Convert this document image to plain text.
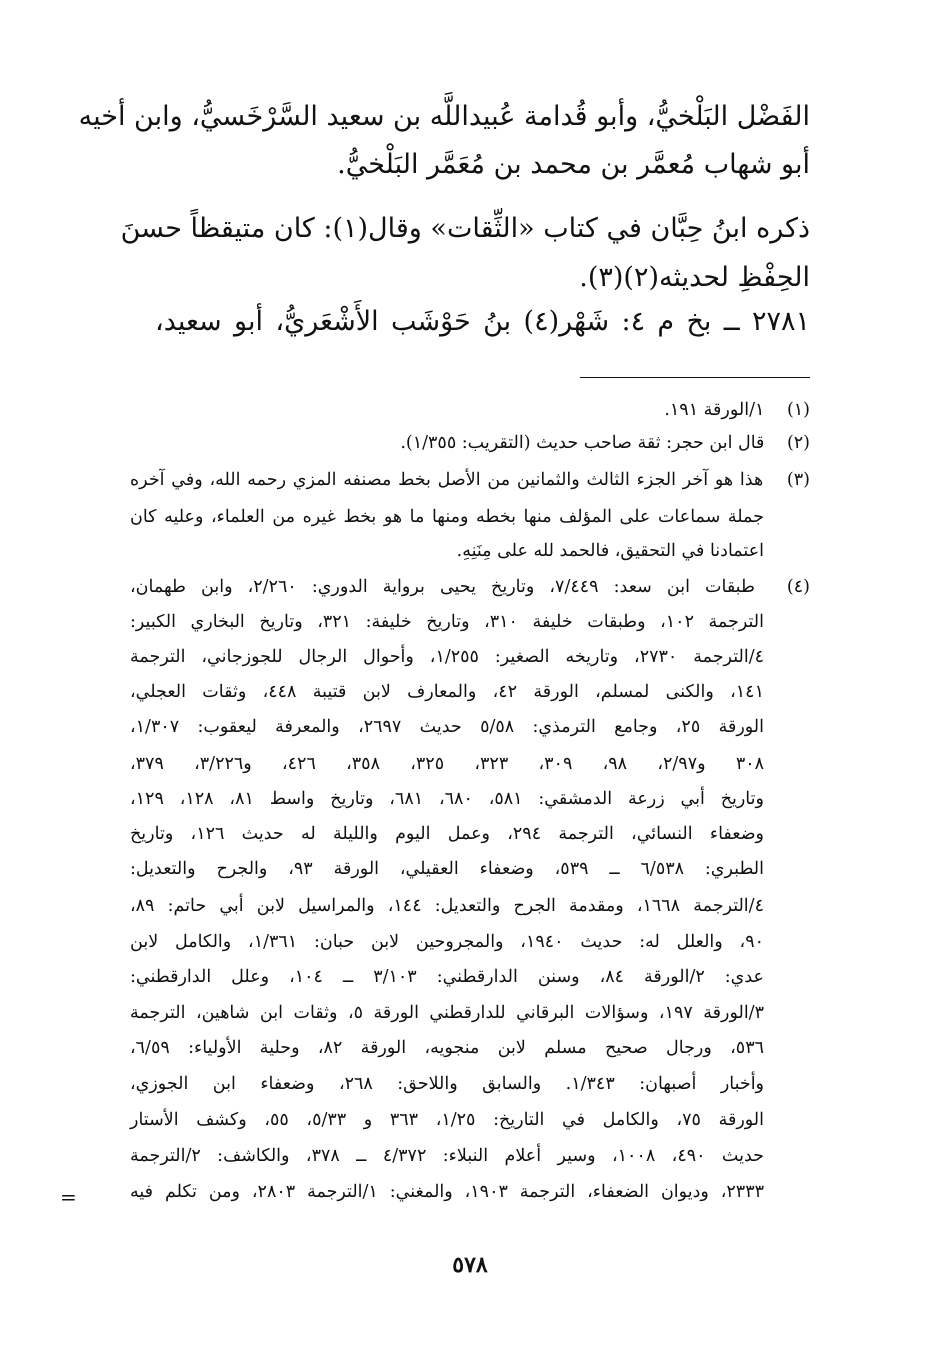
الفَضْل البَلْخيُّ، وأبو قُدامة عُبيداللَّه بن سعيد السَّرْخَسيُّ، وابن أخيه
أبو شهاب مُعمَّر بن محمد بن مُعَمَّر البَلْخيُّ.
ذكره ابنُ حِبَّان في كتاب «الثِّقات» وقال(١): كان متيقظاً حسنَ
الحِفْظِ لحديثه(٢)(٣).
٢٧٨١ ــ بخ م ٤: شَهْر(٤) بنُ حَوْشَب الأَشْعَريُّ، أبو سعيد،
(١) ١/الورقة ١٩١.
(٢) قال ابن حجر: ثقة صاحب حديث (التقريب: ١/٣٥٥).
(٣) هذا هو آخر الجزء الثالث والثمانين من الأصل بخط مصنفه المزي رحمه الله، وفي آخره
جملة سماعات على المؤلف منها بخطه ومنها ما هو بخط غيره من العلماء، وعليه كان
اعتمادنا في التحقيق، فالحمد لله على مِنَنِهِ.
(٤) طبقات ابن سعد: ٧/٤٤٩، وتاريخ يحيى برواية الدوري: ٢/٢٦٠، وابن طهمان،
الترجمة ١٠٢، وطبقات خليفة ٣١٠، وتاريخ خليفة: ٣٢١، وتاريخ البخاري الكبير:
٤/الترجمة ٢٧٣٠، وتاريخه الصغير: ١/٢٥٥، وأحوال الرجال للجوزجاني، الترجمة
١٤١، والكنى لمسلم، الورقة ٤٢، والمعارف لابن قتيبة ٤٤٨، وثقات العجلي،
الورقة ٢٥، وجامع الترمذي: ٥/٥٨ حديث ٢٦٩٧، والمعرفة ليعقوب: ١/٣٠٧،
٣٠٨ و٢/٩٧، ٩٨، ٣٠٩، ٣٢٣، ٣٢٥، ٣٥٨، ٤٢٦، و٣/٢٢٦، ٣٧٩،
وتاريخ أبي زرعة الدمشقي: ٥٨١، ٦٨٠، ٦٨١، وتاريخ واسط ٨١، ١٢٨، ١٢٩،
وضعفاء النسائي، الترجمة ٢٩٤، وعمل اليوم والليلة له حديث ١٢٦، وتاريخ
الطبري: ٦/٥٣٨ ــ ٥٣٩، وضعفاء العقيلي، الورقة ٩٣، والجرح والتعديل:
٤/الترجمة ١٦٦٨، ومقدمة الجرح والتعديل: ١٤٤، والمراسيل لابن أبي حاتم: ٨٩،
٩٠، والعلل له: حديث ١٩٤٠، والمجروحين لابن حبان: ١/٣٦١، والكامل لابن
عدي: ٢/الورقة ٨٤، وسنن الدارقطني: ٣/١٠٣ ــ ١٠٤، وعلل الدارقطني:
٣/الورقة ١٩٧، وسؤالات البرقاني للدارقطني الورقة ٥، وثقات ابن شاهين، الترجمة
٥٣٦، ورجال صحيح مسلم لابن منجويه، الورقة ٨٢، وحلية الأولياء: ٦/٥٩،
وأخبار أصبهان: ١/٣٤٣. والسابق واللاحق: ٢٦٨، وضعفاء ابن الجوزي،
الورقة ٧٥، والكامل في التاريخ: ١/٢٥، ٣٦٣ و ٥/٣٣، ٥٥، وكشف الأستار
حديث ٤٩٠، ١٠٠٨، وسير أعلام النبلاء: ٤/٣٧٢ ــ ٣٧٨، والكاشف: ٢/الترجمة
٢٣٣٣، وديوان الضعفاء، الترجمة ١٩٠٣، والمغني: ١/الترجمة ٢٨٠٣، ومن تكلم فيه
=
٥٧٨
